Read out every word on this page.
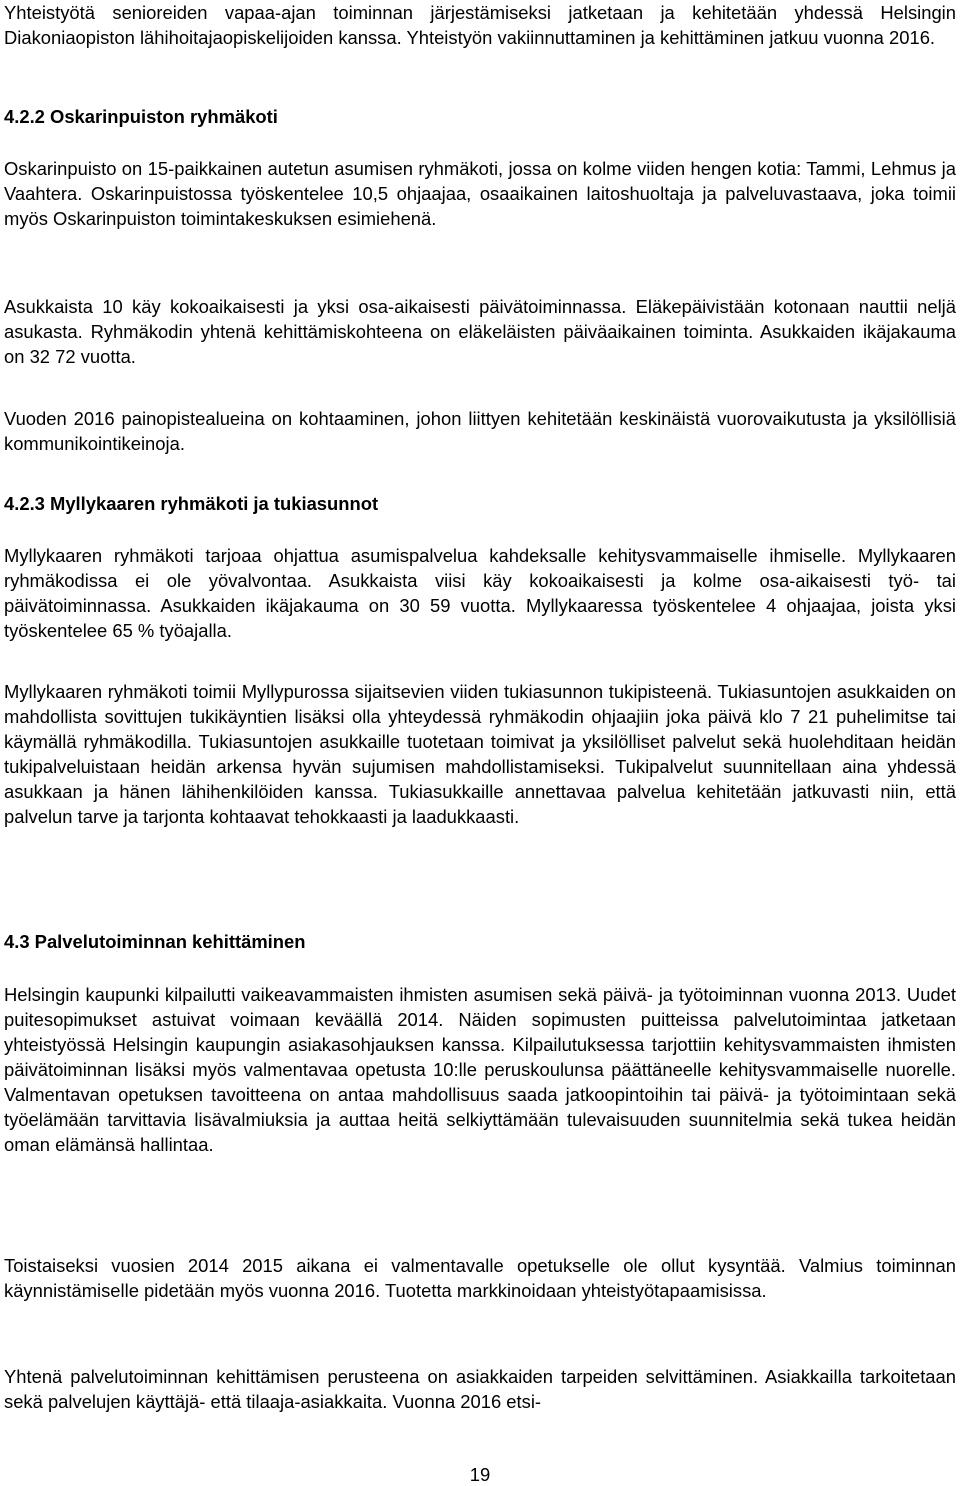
Yhteistyötä senioreiden vapaa-ajan toiminnan järjestämiseksi jatketaan ja kehitetään yhdessä Helsingin Diakoniaopiston lähihoitajaopiskelijoiden kanssa. Yhteistyön vakiinnuttaminen ja kehittäminen jatkuu vuonna 2016.

4.2.2 Oskarinpuiston ryhmäkoti

Oskarinpuisto on 15-paikkainen autetun asumisen ryhmäkoti, jossa on kolme viiden hengen kotia: Tammi, Lehmus ja Vaahtera. Oskarinpuistossa työskentelee 10,5 ohjaajaa, osaaikainen laitoshuoltaja ja palveluvastaava, joka toimii myös Oskarinpuiston toimintakeskuksen esimiehenä.

Asukkaista 10 käy kokoaikaisesti ja yksi osa-aikaisesti päivätoiminnassa. Eläkepäivistään kotonaan nauttii neljä asukasta. Ryhmäkodin yhtenä kehittämiskohteena on eläkeläisten päiväaikainen toiminta. Asukkaiden ikäjakauma on 32 72 vuotta.

Vuoden 2016 painopistealueina on kohtaaminen, johon liittyen kehitetään keskinäistä vuorovaikutusta ja yksilöllisiä kommunikointikeinoja.

4.2.3 Myllykaaren ryhmäkoti ja tukiasunnot

Myllykaaren ryhmäkoti tarjoaa ohjattua asumispalvelua kahdeksalle kehitysvammaiselle ihmiselle. Myllykaaren ryhmäkodissa ei ole yövalvontaa. Asukkaista viisi käy kokoaikaisesti ja kolme osa-aikaisesti työ- tai päivätoiminnassa. Asukkaiden ikäjakauma on 30 59 vuotta. Myllykaaressa työskentelee 4 ohjaajaa, joista yksi työskentelee 65 % työajalla.

Myllykaaren ryhmäkoti toimii Myllypurossa sijaitsevien viiden tukiasunnon tukipisteenä. Tukiasuntojen asukkaiden on mahdollista sovittujen tukikäyntien lisäksi olla yhteydessä ryhmäkodin ohjaajiin joka päivä klo 7 21 puhelimitse tai käymällä ryhmäkodilla. Tukiasuntojen asukkaille tuotetaan toimivat ja yksilölliset palvelut sekä huolehditaan heidän tukipalveluistaan heidän arkensa hyvän sujumisen mahdollistamiseksi. Tukipalvelut suunnitellaan aina yhdessä asukkaan ja hänen lähihenkilöiden kanssa. Tukiasukkaille annettavaa palvelua kehitetään jatkuvasti niin, että palvelun tarve ja tarjonta kohtaavat tehokkaasti ja laadukkaasti.

4.3 Palvelutoiminnan kehittäminen

Helsingin kaupunki kilpailutti vaikeavammaisten ihmisten asumisen sekä päivä- ja työtoiminnan vuonna 2013. Uudet puitesopimukset astuivat voimaan keväällä 2014. Näiden sopimusten puitteissa palvelutoimintaa jatketaan yhteistyössä Helsingin kaupungin asiakasohjauksen kanssa. Kilpailutuksessa tarjottiin kehitysvammaisten ihmisten päivätoiminnan lisäksi myös valmentavaa opetusta 10:lle peruskoulunsa päättäneelle kehitysvammaiselle nuorelle. Valmentavan opetuksen tavoitteena on antaa mahdollisuus saada jatkoopintoihin tai päivä- ja työtoimintaan sekä työelämään tarvittavia lisävalmiuksia ja auttaa heitä selkiyttämään tulevaisuuden suunnitelmia sekä tukea heidän oman elämänsä hallintaa.

Toistaiseksi vuosien 2014 2015 aikana ei valmentavalle opetukselle ole ollut kysyntää. Valmius toiminnan käynnistämiselle pidetään myös vuonna 2016. Tuotetta markkinoidaan yhteistyötapaamisissa.

Yhtenä palvelutoiminnan kehittämisen perusteena on asiakkaiden tarpeiden selvittäminen. Asiakkailla tarkoitetaan sekä palvelujen käyttäjä- että tilaaja-asiakkaita. Vuonna 2016 etsi-

19
